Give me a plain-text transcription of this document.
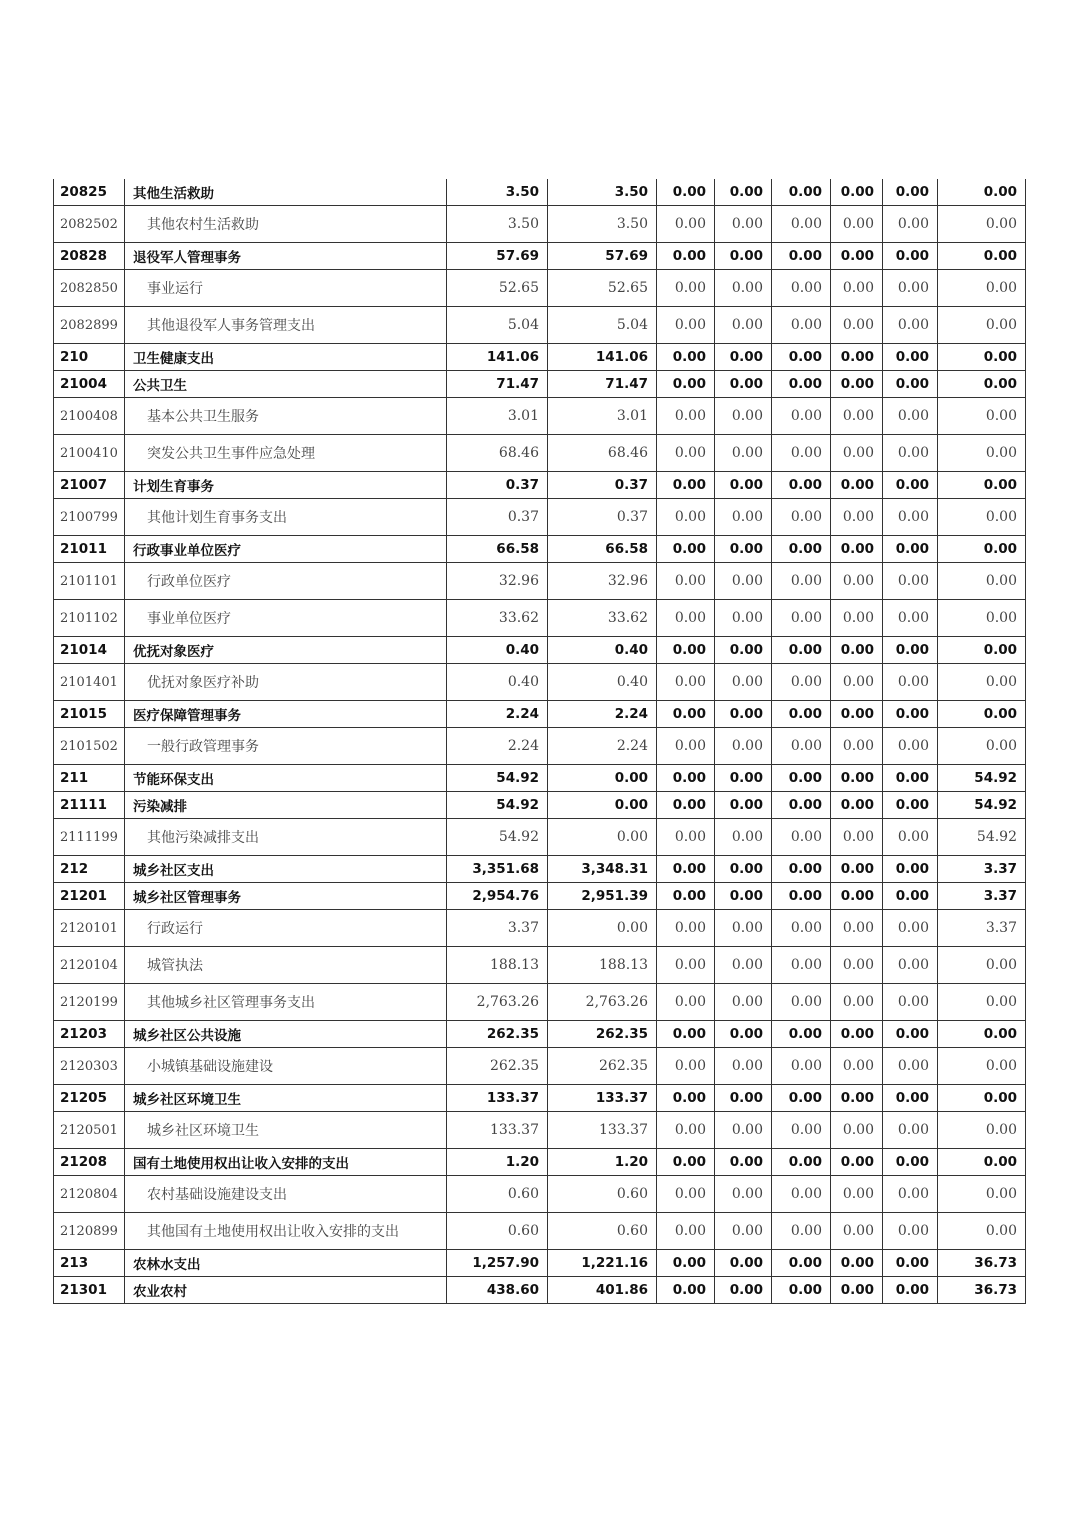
20825	其他生活救助	3.50	3.50	0.00	0.00	0.00	0.00	0.00	0.00
2082502	其他农村生活救助	3.50	3.50	0.00	0.00	0.00	0.00	0.00	0.00
20828	退役军人管理事务	57.69	57.69	0.00	0.00	0.00	0.00	0.00	0.00
2082850	事业运行	52.65	52.65	0.00	0.00	0.00	0.00	0.00	0.00
2082899	其他退役军人事务管理支出	5.04	5.04	0.00	0.00	0.00	0.00	0.00	0.00
210	卫生健康支出	141.06	141.06	0.00	0.00	0.00	0.00	0.00	0.00
21004	公共卫生	71.47	71.47	0.00	0.00	0.00	0.00	0.00	0.00
2100408	基本公共卫生服务	3.01	3.01	0.00	0.00	0.00	0.00	0.00	0.00
2100410	突发公共卫生事件应急处理	68.46	68.46	0.00	0.00	0.00	0.00	0.00	0.00
21007	计划生育事务	0.37	0.37	0.00	0.00	0.00	0.00	0.00	0.00
2100799	其他计划生育事务支出	0.37	0.37	0.00	0.00	0.00	0.00	0.00	0.00
21011	行政事业单位医疗	66.58	66.58	0.00	0.00	0.00	0.00	0.00	0.00
2101101	行政单位医疗	32.96	32.96	0.00	0.00	0.00	0.00	0.00	0.00
2101102	事业单位医疗	33.62	33.62	0.00	0.00	0.00	0.00	0.00	0.00
21014	优抚对象医疗	0.40	0.40	0.00	0.00	0.00	0.00	0.00	0.00
2101401	优抚对象医疗补助	0.40	0.40	0.00	0.00	0.00	0.00	0.00	0.00
21015	医疗保障管理事务	2.24	2.24	0.00	0.00	0.00	0.00	0.00	0.00
2101502	一般行政管理事务	2.24	2.24	0.00	0.00	0.00	0.00	0.00	0.00
211	节能环保支出	54.92	0.00	0.00	0.00	0.00	0.00	0.00	54.92
21111	污染减排	54.92	0.00	0.00	0.00	0.00	0.00	0.00	54.92
2111199	其他污染减排支出	54.92	0.00	0.00	0.00	0.00	0.00	0.00	54.92
212	城乡社区支出	3,351.68	3,348.31	0.00	0.00	0.00	0.00	0.00	3.37
21201	城乡社区管理事务	2,954.76	2,951.39	0.00	0.00	0.00	0.00	0.00	3.37
2120101	行政运行	3.37	0.00	0.00	0.00	0.00	0.00	0.00	3.37
2120104	城管执法	188.13	188.13	0.00	0.00	0.00	0.00	0.00	0.00
2120199	其他城乡社区管理事务支出	2,763.26	2,763.26	0.00	0.00	0.00	0.00	0.00	0.00
21203	城乡社区公共设施	262.35	262.35	0.00	0.00	0.00	0.00	0.00	0.00
2120303	小城镇基础设施建设	262.35	262.35	0.00	0.00	0.00	0.00	0.00	0.00
21205	城乡社区环境卫生	133.37	133.37	0.00	0.00	0.00	0.00	0.00	0.00
2120501	城乡社区环境卫生	133.37	133.37	0.00	0.00	0.00	0.00	0.00	0.00
21208	国有土地使用权出让收入安排的支出	1.20	1.20	0.00	0.00	0.00	0.00	0.00	0.00
2120804	农村基础设施建设支出	0.60	0.60	0.00	0.00	0.00	0.00	0.00	0.00
2120899	其他国有土地使用权出让收入安排的支出	0.60	0.60	0.00	0.00	0.00	0.00	0.00	0.00
213	农林水支出	1,257.90	1,221.16	0.00	0.00	0.00	0.00	0.00	36.73
21301	农业农村	438.60	401.86	0.00	0.00	0.00	0.00	0.00	36.73
